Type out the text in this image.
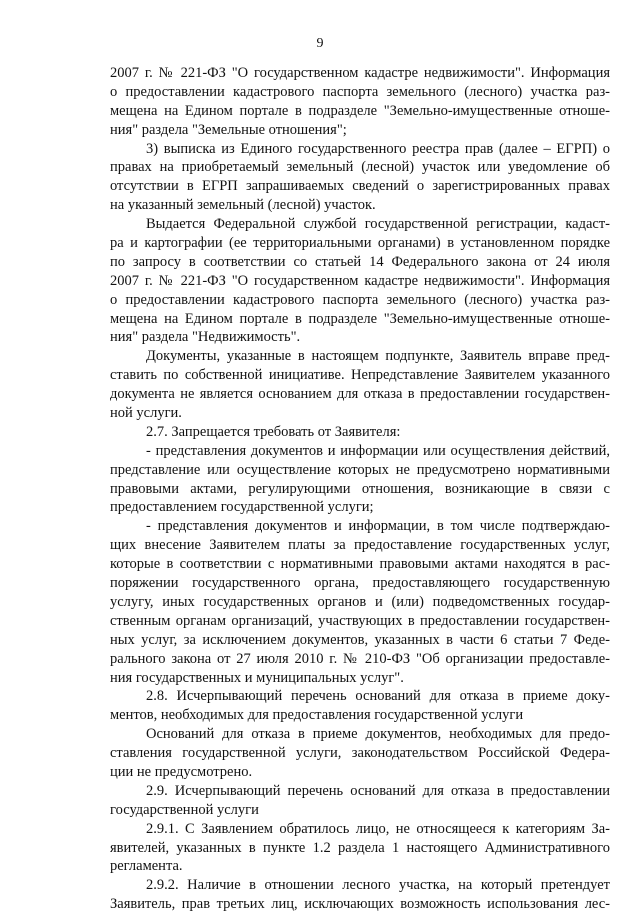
9
2007 г. № 221-ФЗ "О государственном кадастре недвижимости". Информация
о предоставлении кадастрового паспорта земельного (лесного) участка раз-
мещена на Едином портале в подразделе "Земельно-имущественные отноше-
ния" раздела "Земельные отношения";
3) выписка из Единого государственного реестра прав (далее – ЕГРП) о
правах на приобретаемый земельный (лесной) участок или уведомление об
отсутствии в ЕГРП запрашиваемых сведений о зарегистрированных правах
на указанный земельный (лесной) участок.
Выдается Федеральной службой государственной регистрации, кадаст-
ра и картографии (ее территориальными органами) в установленном порядке
по запросу в соответствии со статьей 14 Федерального закона от 24 июля
2007 г. № 221-ФЗ "О государственном кадастре недвижимости". Информация
о предоставлении кадастрового паспорта земельного (лесного) участка раз-
мещена на Едином портале в подразделе "Земельно-имущественные отноше-
ния" раздела "Недвижимость".
Документы, указанные в настоящем подпункте, Заявитель вправе пред-
ставить по собственной инициативе. Непредставление Заявителем указанного
документа не является основанием для отказа в предоставлении государствен-
ной услуги.
2.7. Запрещается требовать от Заявителя:
- представления документов и информации или осуществления действий,
представление или осуществление которых не предусмотрено нормативными
правовыми актами, регулирующими отношения, возникающие в связи с
предоставлением государственной услуги;
- представления документов и информации, в том числе подтверждаю-
щих внесение Заявителем платы за предоставление государственных услуг,
которые в соответствии с нормативными правовыми актами находятся в рас-
поряжении государственного органа, предоставляющего государственную
услугу, иных государственных органов и (или) подведомственных государ-
ственным органам организаций, участвующих в предоставлении государствен-
ных услуг, за исключением документов, указанных в части 6 статьи 7 Феде-
рального закона от 27 июля 2010 г. № 210-ФЗ "Об организации предоставле-
ния государственных и муниципальных услуг".
2.8. Исчерпывающий перечень оснований для отказа в приеме доку-
ментов, необходимых для предоставления государственной услуги
Оснований для отказа в приеме документов, необходимых для предо-
ставления государственной услуги, законодательством Российской Федера-
ции не предусмотрено.
2.9. Исчерпывающий перечень оснований для отказа в предоставлении
государственной услуги
2.9.1. С Заявлением обратилось лицо, не относящееся к категориям За-
явителей, указанных в пункте 1.2 раздела 1 настоящего Административного
регламента.
2.9.2. Наличие в отношении лесного участка, на который претендует
Заявитель, прав третьих лиц, исключающих возможность использования лес-
